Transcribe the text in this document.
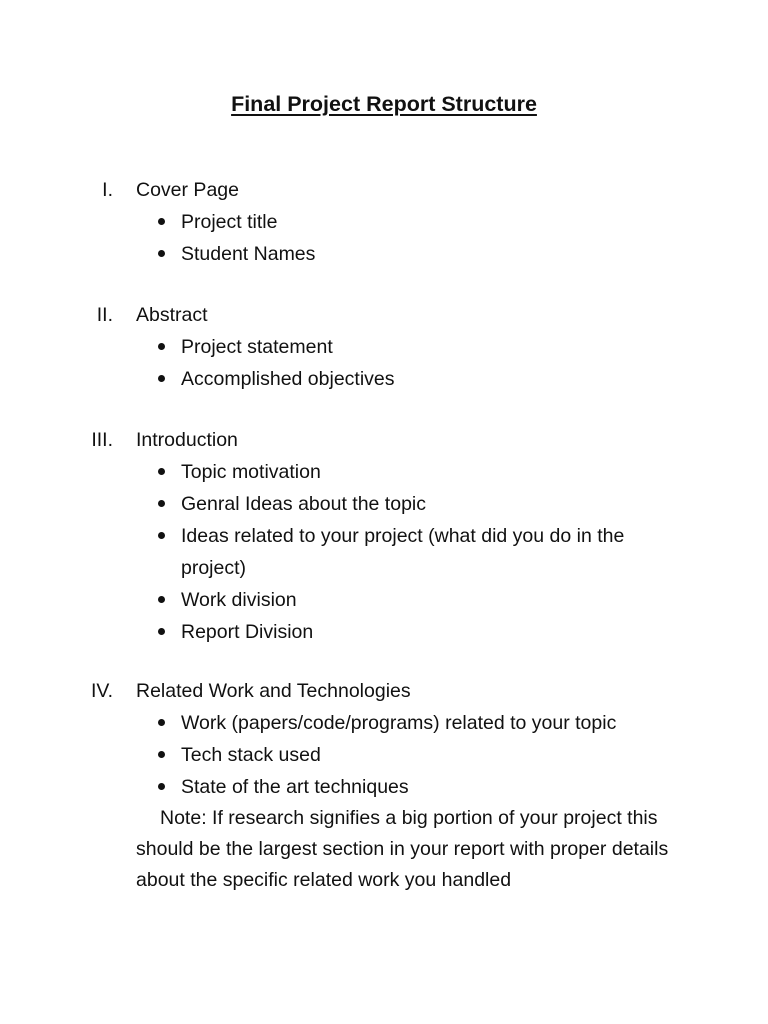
Final Project Report Structure
I. Cover Page
Project title
Student Names
II. Abstract
Project statement
Accomplished objectives
III. Introduction
Topic motivation
Genral Ideas about the topic
Ideas related to your project (what did you do in the project)
Work division
Report Division
IV. Related Work and Technologies
Work (papers/code/programs) related to your topic
Tech stack used
State of the art techniques

Note: If research signifies a big portion of your project this should be the largest section in your report with proper details about the specific related work you handled
